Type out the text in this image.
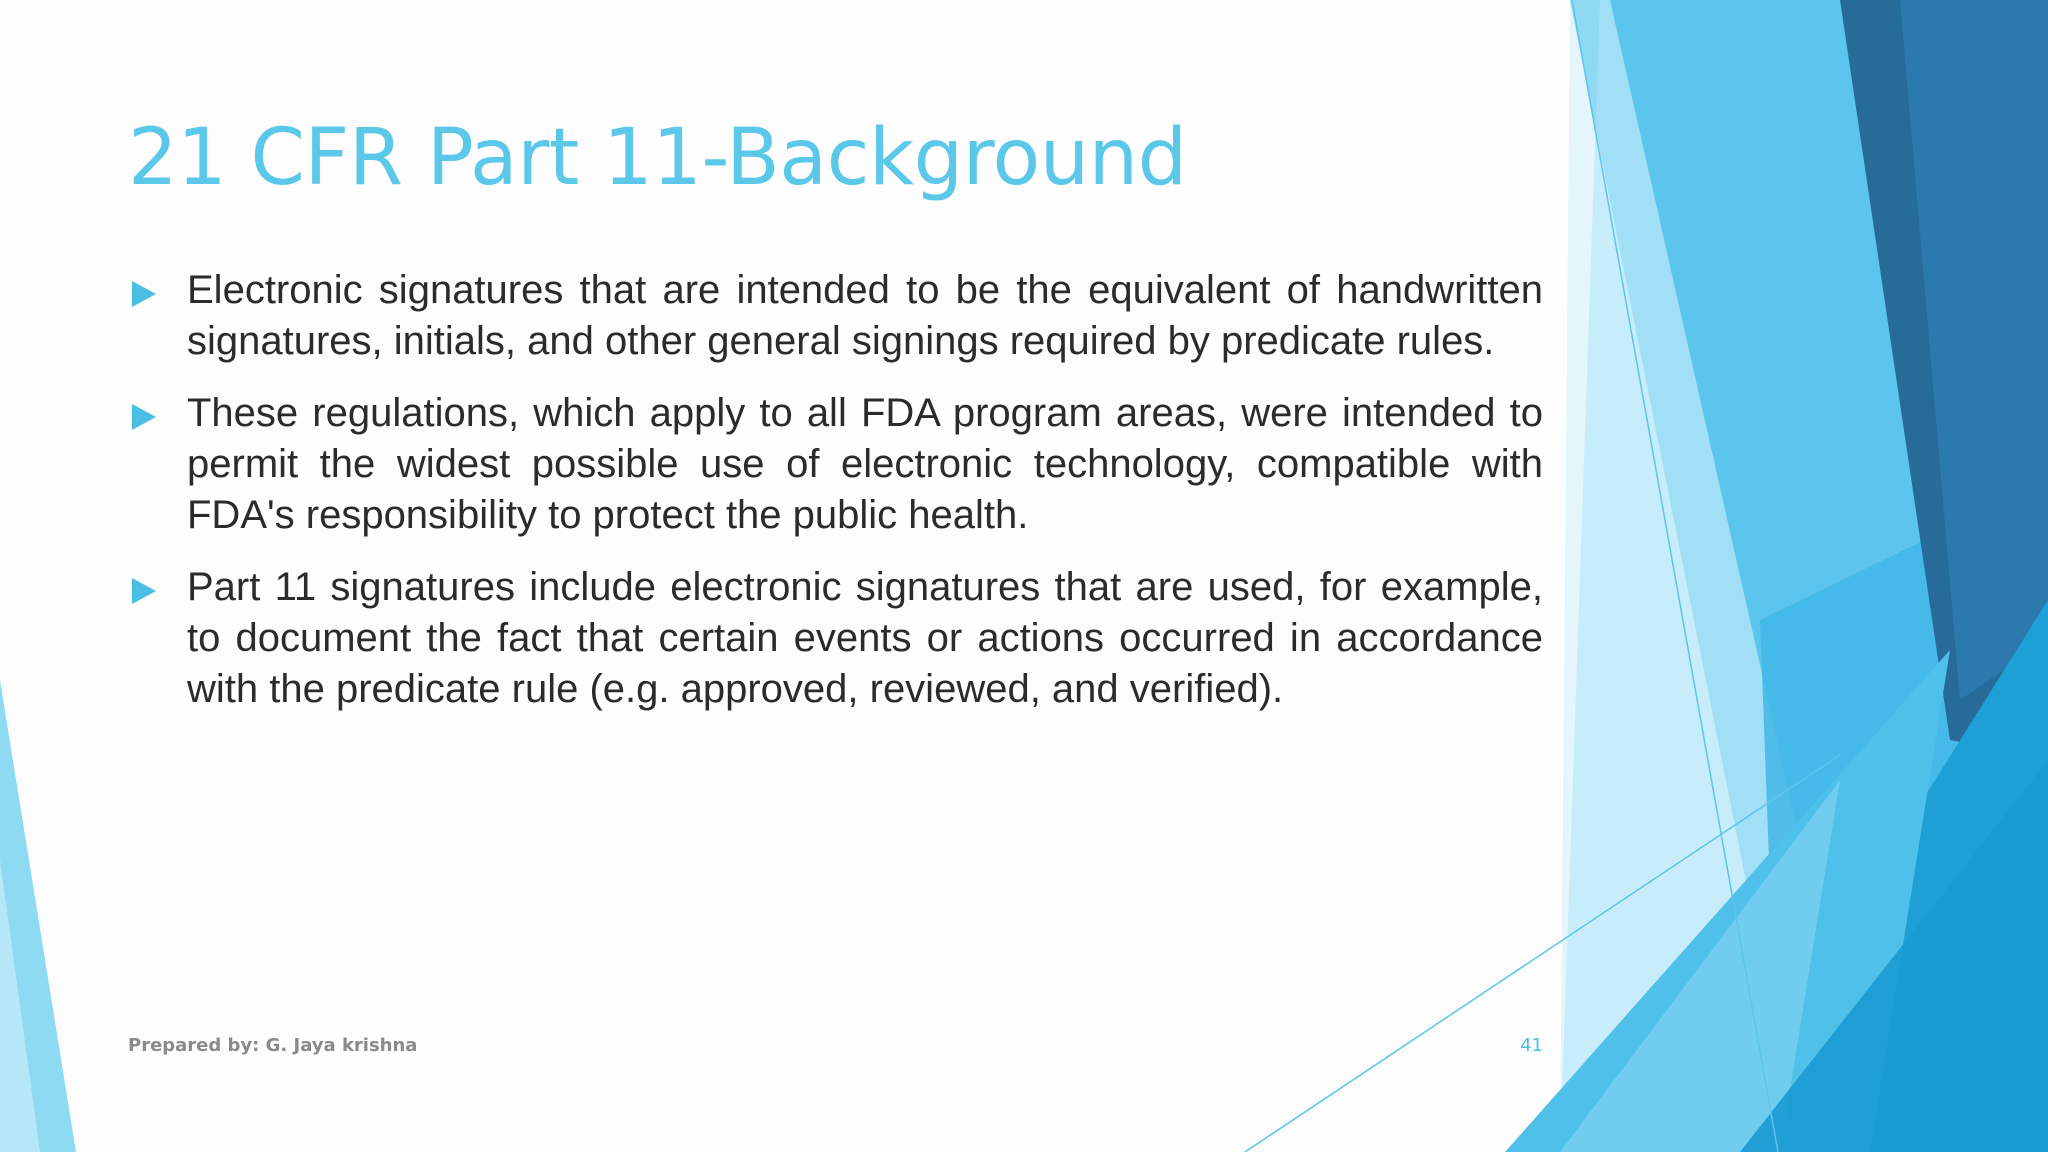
21 CFR Part 11-Background
Electronic signatures that are intended to be the equivalent of handwritten signatures, initials, and other general signings required by predicate rules.
These regulations, which apply to all FDA program areas, were intended to permit the widest possible use of electronic technology, compatible with FDA's responsibility to protect the public health.
Part 11 signatures include electronic signatures that are used, for example, to document the fact that certain events or actions occurred in accordance with the predicate rule (e.g. approved, reviewed, and verified).
Prepared by: G. Jaya krishna	41
